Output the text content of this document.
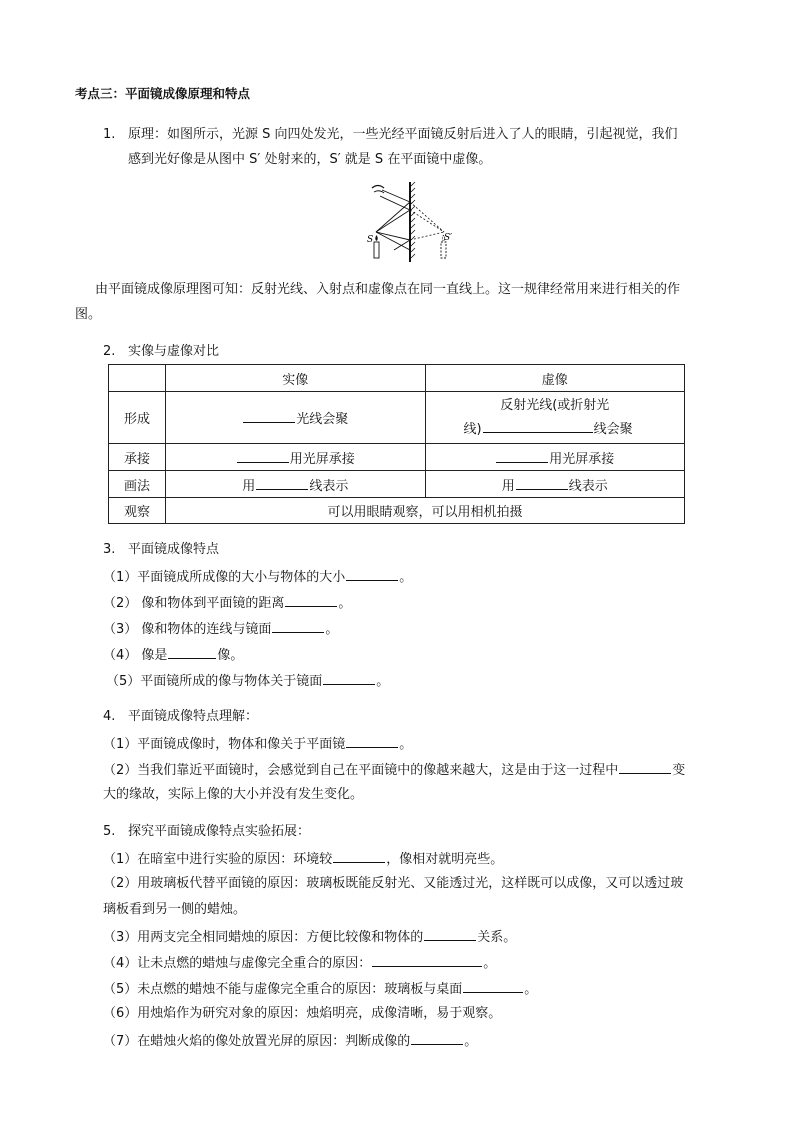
考点三：平面镜成像原理和特点
1. 原理：如图所示，光源 S 向四处发光，一些光经平面镜反射后进入了人的眼睛，引起视觉，我们
感到光好像是从图中 S′ 处射来的，S′ 就是 S 在平面镜中虚像。
S	S′
由平面镜成像原理图可知：反射光线、入射点和虚像点在同一直线上。这一规律经常用来进行相关的作
图。
2. 实像与虚像对比
	实像	虚像
形成	光线会聚	反射光线(或折射光
线) 线会聚

承接	用光屏承接	用光屏承接
画法	用 线表示	用 线表示
观察	可以用眼睛观察，可以用相机拍摄	
3. 平面镜成像特点
（1）平面镜成所成像的大小与物体的大小	。
（2） 像和物体到平面镜的距离	。
（3） 像和物体的连线与镜面	。
（4） 像是	像。
（5）平面镜所成的像与物体关于镜面	。
4. 平面镜成像特点理解：
（1）平面镜成像时，物体和像关于平面镜	。
（2）当我们靠近平面镜时，会感觉到自己在平面镜中的像越来越大，这是由于这一过程中	变
大的缘故，实际上像的大小并没有发生变化。
5. 探究平面镜成像特点实验拓展：
（1）在暗室中进行实验的原因：环境较	，像相对就明亮些。
（2）用玻璃板代替平面镜的原因：玻璃板既能反射光、又能透过光，这样既可以成像，又可以透过玻
璃板看到另一侧的蜡烛。
（3）用两支完全相同蜡烛的原因：方便比较像和物体的	关系。
（4）让未点燃的蜡烛与虚像完全重合的原因：	。
（5）未点燃的蜡烛不能与虚像完全重合的原因：玻璃板与桌面	。
（6）用烛焰作为研究对象的原因：烛焰明亮，成像清晰，易于观察。
（7）在蜡烛火焰的像处放置光屏的原因：判断成像的	。
